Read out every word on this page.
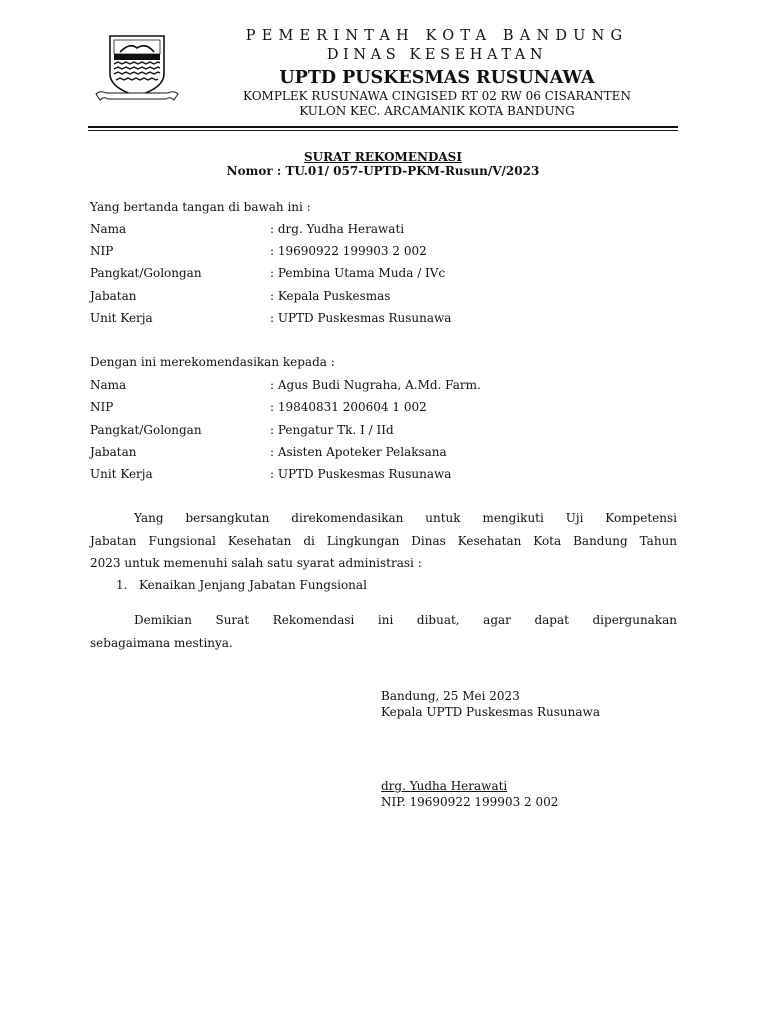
PEMERINTAH KOTA BANDUNG
DINAS KESEHATAN
UPTD PUSKESMAS RUSUNAWA
KOMPLEK RUSUNAWA CINGISED RT 02 RW 06 CISARANTEN
KULON KEC. ARCAMANIK KOTA BANDUNG
SURAT REKOMENDASI
Nomor : TU.01/ 057-UPTD-PKM-Rusun/V/2023
Yang bertanda tangan di bawah ini :
Nama	: drg. Yudha Herawati
NIP	: 19690922 199903 2 002
Pangkat/Golongan	: Pembina Utama Muda / IVc
Jabatan	: Kepala Puskesmas
Unit Kerja	: UPTD Puskesmas Rusunawa
Dengan ini merekomendasikan kepada :
Nama	: Agus Budi Nugraha, A.Md. Farm.
NIP	: 19840831 200604 1 002
Pangkat/Golongan	: Pengatur Tk. I / IId
Jabatan	: Asisten Apoteker Pelaksana
Unit Kerja	: UPTD Puskesmas Rusunawa
Yang bersangkutan direkomendasikan untuk mengikuti Uji Kompetensi
Jabatan Fungsional Kesehatan di Lingkungan Dinas Kesehatan Kota Bandung Tahun
2023 untuk memenuhi salah satu syarat administrasi :
1. Kenaikan Jenjang Jabatan Fungsional
Demikian Surat Rekomendasi ini dibuat, agar dapat dipergunakan
sebagaimana mestinya.
Bandung, 25 Mei 2023
Kepala UPTD Puskesmas Rusunawa
drg. Yudha Herawati
NIP. 19690922 199903 2 002
